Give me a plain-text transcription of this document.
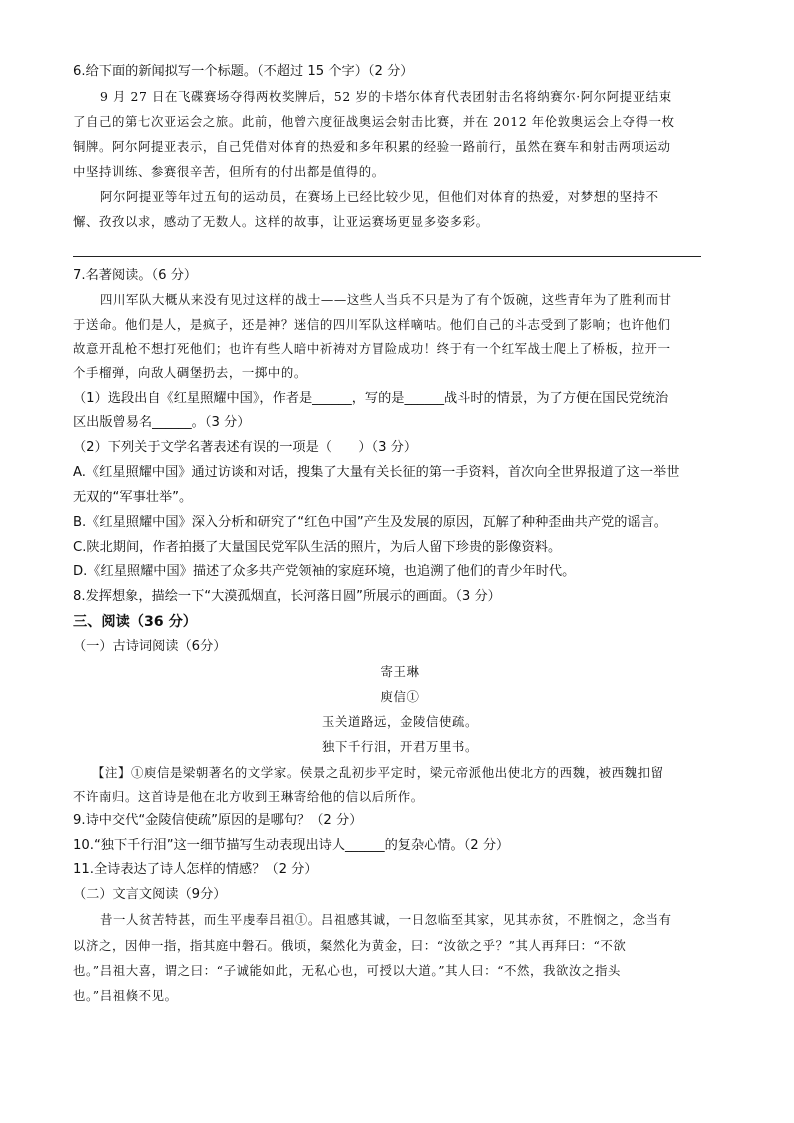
6.给下面的新闻拟写一个标题。（不超过 15 个字）（2 分）
9 月 27 日在飞碟赛场夺得两枚奖牌后，52 岁的卡塔尔体育代表团射击名将纳赛尔·阿尔阿提亚结束
了自己的第七次亚运会之旅。此前，他曾六度征战奥运会射击比赛，并在 2012 年伦敦奥运会上夺得一枚
铜牌。阿尔阿提亚表示，自己凭借对体育的热爱和多年积累的经验一路前行，虽然在赛车和射击两项运动
中坚持训练、参赛很辛苦，但所有的付出都是值得的。
阿尔阿提亚等年过五旬的运动员，在赛场上已经比较少见，但他们对体育的热爱，对梦想的坚持不
懈、孜孜以求，感动了无数人。这样的故事，让亚运赛场更显多姿多彩。
7.名著阅读。（6 分）
四川军队大概从来没有见过这样的战士——这些人当兵不只是为了有个饭碗，这些青年为了胜利而甘
于送命。他们是人，是疯子，还是神？迷信的四川军队这样嘀咕。他们自己的斗志受到了影响；也许他们
故意开乱枪不想打死他们；也许有些人暗中祈祷对方冒险成功！终于有一个红军战士爬上了桥板，拉开一
个手榴弹，向敌人碉堡扔去，一掷中的。
（1）选段出自《红星照耀中国》，作者是______，写的是______战斗时的情景，为了方便在国民党统治
区出版曾易名______。（3 分）
（2）下列关于文学名著表述有误的一项是（　　）（3 分）
A.《红星照耀中国》通过访谈和对话，搜集了大量有关长征的第一手资料，首次向全世界报道了这一举世
无双的“军事壮举”。
B.《红星照耀中国》深入分析和研究了“红色中国”产生及发展的原因，瓦解了种种歪曲共产党的谣言。
C.陕北期间，作者拍摄了大量国民党军队生活的照片，为后人留下珍贵的影像资料。
D.《红星照耀中国》描述了众多共产党领袖的家庭环境，也追溯了他们的青少年时代。
8.发挥想象，描绘一下“大漠孤烟直，长河落日圆”所展示的画面。（3 分）
三、阅读（36 分）
（一）古诗词阅读（6分）
寄王琳
庾信①
玉关道路远，金陵信使疏。
独下千行泪，开君万里书。
【注】①庾信是梁朝著名的文学家。侯景之乱初步平定时，梁元帝派他出使北方的西魏，被西魏扣留
不许南归。这首诗是他在北方收到王琳寄给他的信以后所作。
9.诗中交代“金陵信使疏”原因的是哪句？（2 分）
10.“独下千行泪”这一细节描写生动表现出诗人______的复杂心情。（2 分）
11.全诗表达了诗人怎样的情感？（2 分）
（二）文言文阅读（9分）
昔一人贫苦特甚，而生平虔奉吕祖①。吕祖感其诚，一日忽临至其家，见其赤贫，不胜悯之，念当有
以济之，因伸一指，指其庭中磐石。俄顷，粲然化为黄金，曰：“汝欲之乎？”其人再拜曰：“不欲
也。”吕祖大喜，谓之曰：“子诚能如此，无私心也，可授以大道。”其人曰：“不然，我欲汝之指头
也。”吕祖倏不见。
